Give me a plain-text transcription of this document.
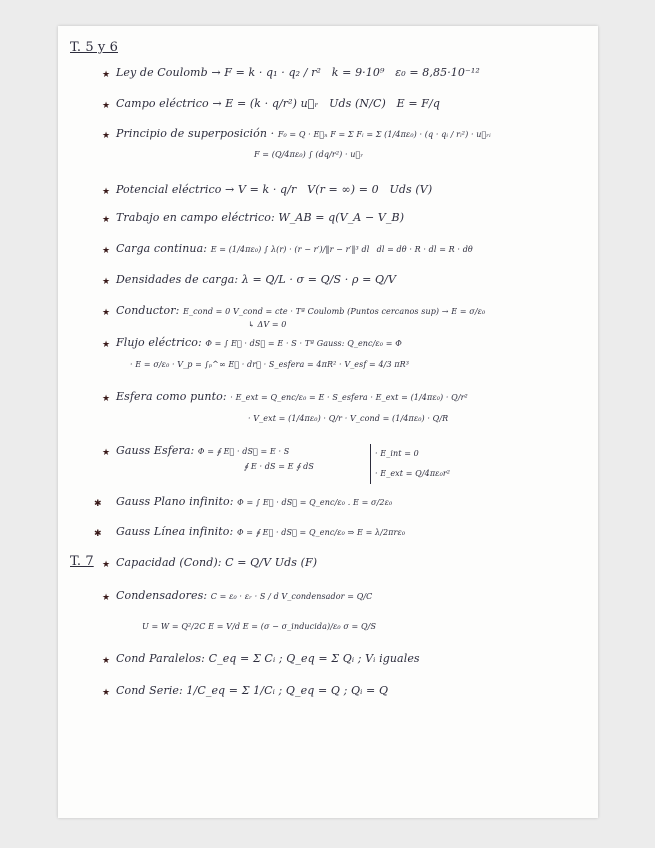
T. 5 y 6
★ Ley de Coulomb → F = k · q₁ · q₂ / r² k = 9·10⁹ ε₀ = 8,85·10⁻¹²
★ Campo eléctrico → E = (k · q/r²) u⃗ᵣ Uds (N/C) E = F/q
★ Principio de superposición · F₀ = Q · E⃗ₙ F = Σ Fᵢ = Σ (1/4πε₀) · (q · qᵢ / rᵢ²) · u⃗ᵣᵢ
F = (Q/4πε₀) ∫ (dq/r²) · u⃗ᵣ
★ Potencial eléctrico → V = k · q/r V(r = ∞) = 0 Uds (V)
★ Trabajo en campo eléctrico: W_AB = q(V_A − V_B)
★ Carga continua: E = (1/4πε₀) ∫ λ(r) · (r − r′)/‖r − r′‖³ dl dl = dθ · R · dl = R · dθ
★ Densidades de carga: λ = Q/L · σ = Q/S · ρ = Q/V
★ Conductor: E_cond = 0 V_cond = cte · Tª Coulomb (Puntos cercanos sup) → E = σ/ε₀
↳ ΔV = 0
★ Flujo eléctrico: Φ = ∫ E⃗ · dS⃗ = E · S · Tª Gauss: Q_enc/ε₀ = Φ
· E = σ/ε₀ · V_p = ∫ₚ^∞ E⃗ · dr⃗ · S_esfera = 4πR² · V_esf = 4/3 πR³
★ Esfera como punto: · E_ext = Q_enc/ε₀ = E · S_esfera · E_ext = (1/4πε₀) · Q/r²
· V_ext = (1/4πε₀) · Q/r · V_cond = (1/4πε₀) · Q/R
★ Gauss Esfera: Φ = ∮ E⃗ · dS⃗ = E · S
∮ E · dS = E ∮ dS
· E_int = 0
· E_ext = Q/4πε₀r²
✱ Gauss Plano infinito: Φ = ∫ E⃗ · dS⃗ = Q_enc/ε₀ . E = σ/2ε₀
✱ Gauss Línea infinito: Φ = ∮ E⃗ · dS⃗ = Q_enc/ε₀ ⇒ E = λ/2πrε₀
T. 7 ★ Capacidad (Cond): C = Q/V Uds (F)
★ Condensadores: C = ε₀ · εᵣ · S / d V_condensador = Q/C
U = W = Q²/2C E = V/d E = (σ − σ_inducida)/ε₀ σ = Q/S
★ Cond Paralelos: C_eq = Σ Cᵢ ; Q_eq = Σ Qᵢ ; Vᵢ iguales
★ Cond Serie: 1/C_eq = Σ 1/Cᵢ ; Q_eq = Q ; Qᵢ = Q
